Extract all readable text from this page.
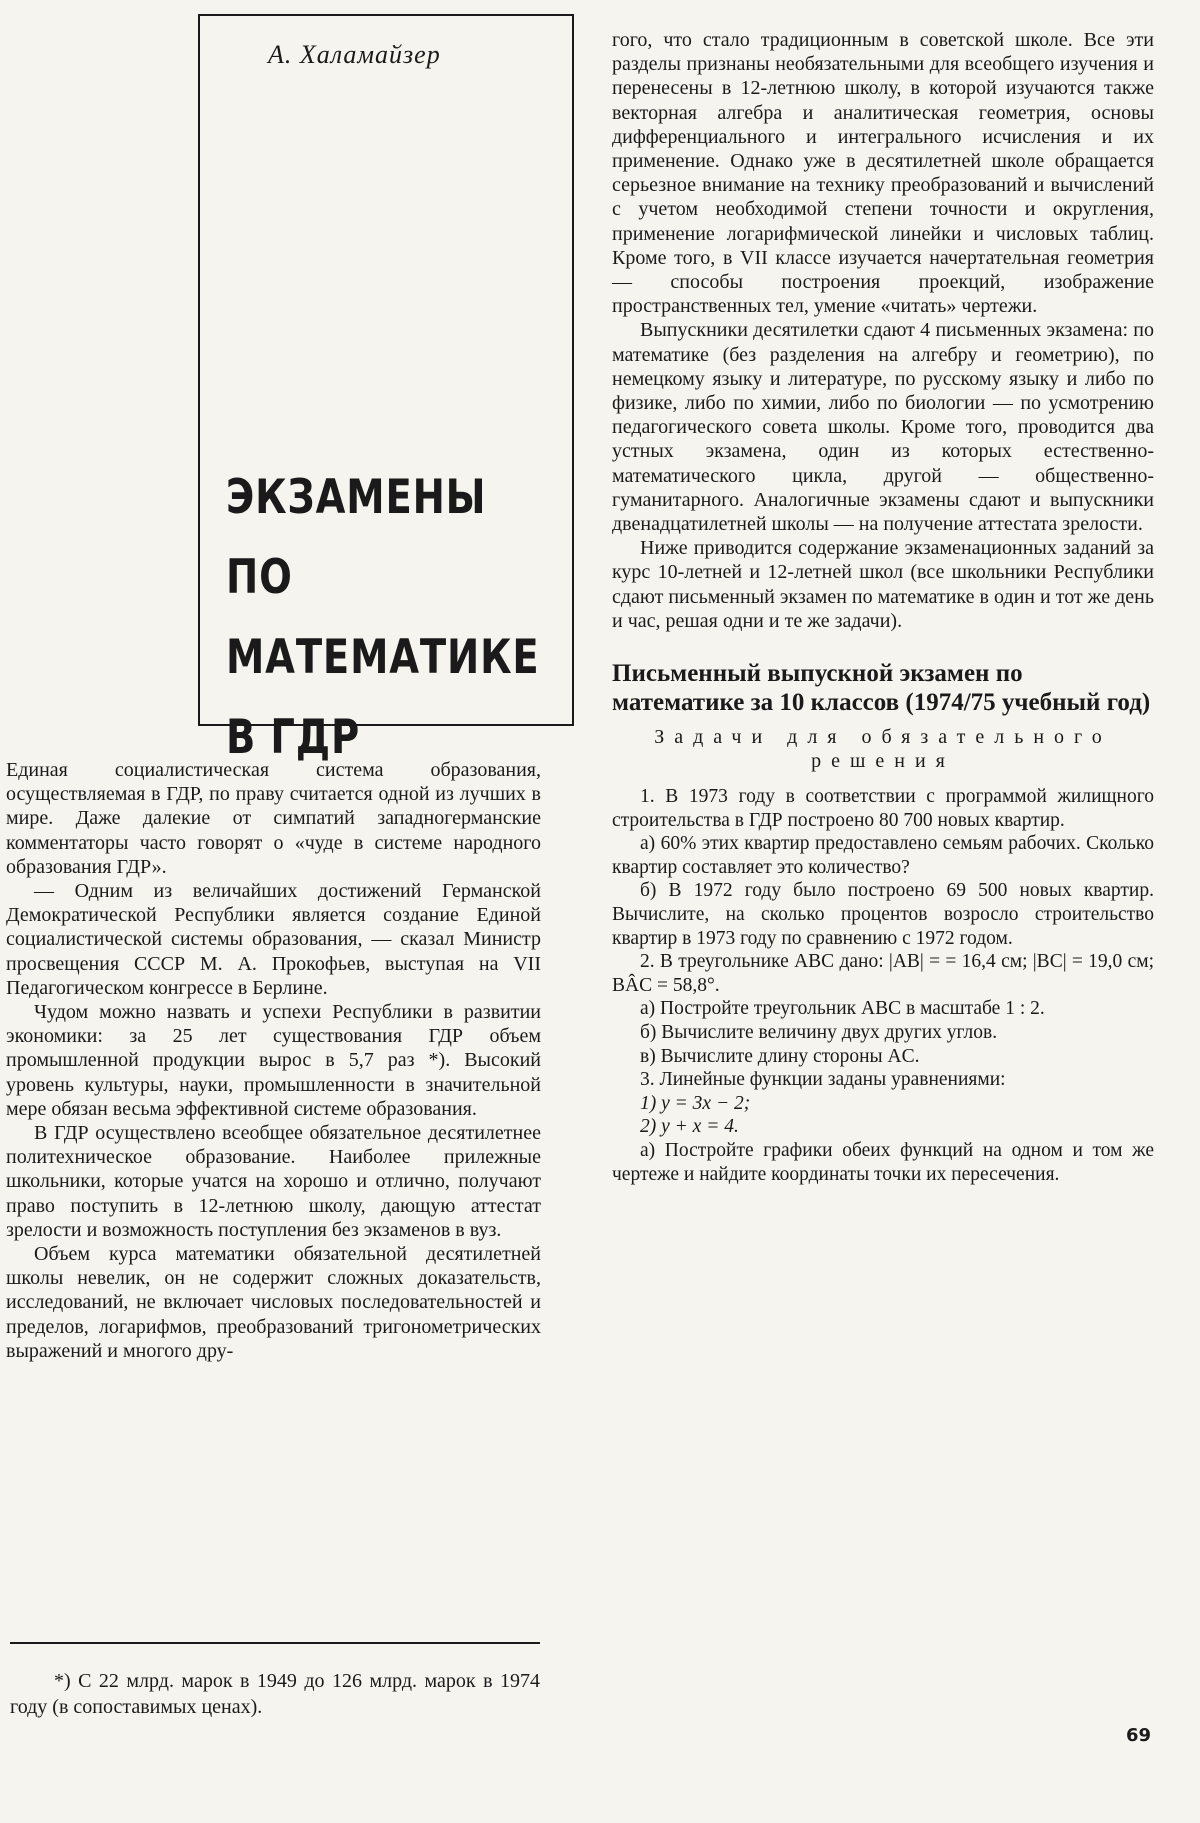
А. Халамайзер
ЭКЗАМЕНЫ
ПО
МАТЕМАТИКЕ
В ГДР

Единая социалистическая система образования, осуществляемая в ГДР, по праву считается одной из лучших в мире. Даже далекие от симпатий западногерманские комментаторы часто говорят о «чуде в системе народного образования ГДР».

— Одним из величайших достижений Германской Демократической Республики является создание Единой социалистической системы образования, — сказал Министр просвещения СССР М. А. Прокофьев, выступая на VII Педагогическом конгрессе в Берлине.

Чудом можно назвать и успехи Республики в развитии экономики: за 25 лет существования ГДР объем промышленной продукции вырос в 5,7 раз *). Высокий уровень культуры, науки, промышленности в значительной мере обязан весьма эффективной системе образования.

В ГДР осуществлено всеобщее обязательное десятилетнее политехническое образование. Наиболее прилежные школьники, которые учатся на хорошо и отлично, получают право поступить в 12-летнюю школу, дающую аттестат зрелости и возможность поступления без экзаменов в вуз.

Объем курса математики обязательной десятилетней школы невелик, он не содержит сложных доказательств, исследований, не включает числовых последовательностей и пределов, логарифмов, преобразований тригонометрических выражений и многого дру-

*) С 22 млрд. марок в 1949 до 126 млрд. марок в 1974 году (в сопоставимых ценах).

гого, что стало традиционным в советской школе. Все эти разделы признаны необязательными для всеобщего изучения и перенесены в 12-летнюю школу, в которой изучаются также векторная алгебра и аналитическая геометрия, основы дифференциального и интегрального исчисления и их применение. Однако уже в десятилетней школе обращается серьезное внимание на технику преобразований и вычислений с учетом необходимой степени точности и округления, применение логарифмической линейки и числовых таблиц. Кроме того, в VII классе изучается начертательная геометрия — способы построения проекций, изображение пространственных тел, умение «читать» чертежи.

Выпускники десятилетки сдают 4 письменных экзамена: по математике (без разделения на алгебру и геометрию), по немецкому языку и литературе, по русскому языку и либо по физике, либо по химии, либо по биологии — по усмотрению педагогического совета школы. Кроме того, проводится два устных экзамена, один из которых естественно-математического цикла, другой — общественно-гуманитарного. Аналогичные экзамены сдают и выпускники двенадцатилетней школы — на получение аттестата зрелости.

Ниже приводится содержание экзаменационных заданий за курс 10-летней и 12-летней школ (все школьники Республики сдают письменный экзамен по математике в один и тот же день и час, решая одни и те же задачи).

Письменный выпускной экзамен по математике за 10 классов (1974/75 учебный год)
Задачи для обязательного решения

1. В 1973 году в соответствии с программой жилищного строительства в ГДР построено 80 700 новых квартир.

а) 60% этих квартир предоставлено семьям рабочих. Сколько квартир составляет это количество?

б) В 1972 году было построено 69 500 новых квартир. Вычислите, на сколько процентов возросло строительство квартир в 1973 году по сравнению с 1972 годом.

2. В треугольнике ABC дано: |AB| = = 16,4 см; |BC| = 19,0 см; BÂC = 58,8°.

а) Постройте треугольник ABC в масштабе 1 : 2.

б) Вычислите величину двух других углов.

в) Вычислите длину стороны AC.

3. Линейные функции заданы уравнениями:

1) y = 3x − 2;

2) y + x = 4.

а) Постройте графики обеих функций на одном и том же чертеже и найдите координаты точки их пересечения.

69
